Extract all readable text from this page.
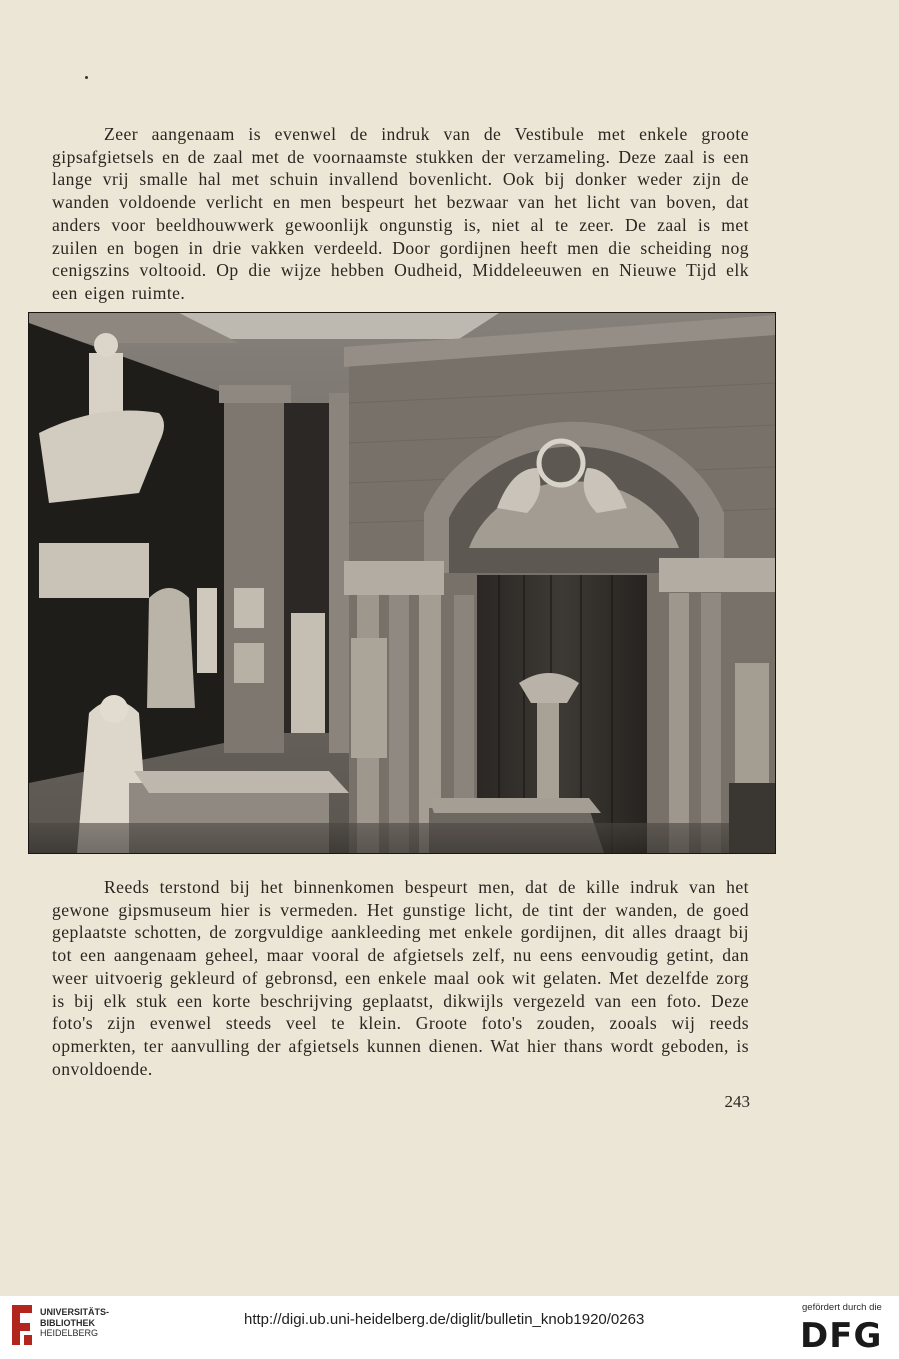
Zeer aangenaam is evenwel de indruk van de Vestibule met enkele groote gipsafgietsels en de zaal met de voornaamste stukken der verzameling. Deze zaal is een lange vrij smalle hal met schuin invallend bovenlicht. Ook bij donker weder zijn de wanden voldoende verlicht en men bespeurt het bezwaar van het licht van boven, dat anders voor beeldhouwwerk gewoonlijk ongunstig is, niet al te zeer. De zaal is met zuilen en bogen in drie vakken verdeeld. Door gordijnen heeft men die scheiding nog cenigszins voltooid. Op die wijze hebben Oudheid, Middeleeuwen en Nieuwe Tijd elk een eigen ruimte.

Reeds terstond bij het binnenkomen bespeurt men, dat de kille indruk van het gewone gipsmuseum hier is vermeden. Het gunstige licht, de tint der wanden, de goed geplaatste schotten, de zorgvuldige aankleeding met enkele gordijnen, dit alles draagt bij tot een aangenaam geheel, maar vooral de afgietsels zelf, nu eens eenvoudig getint, dan weer uitvoerig gekleurd of gebronsd, een enkele maal ook wit gelaten. Met dezelfde zorg is bij elk stuk een korte beschrijving geplaatst, dikwijls vergezeld van een foto. Deze foto's zijn evenwel steeds veel te klein. Groote foto's zouden, zooals wij reeds opmerkten, ter aanvulling der afgietsels kunnen dienen. Wat hier thans wordt geboden, is onvoldoende.

243
UNIVERSITÄTS-
BIBLIOTHEK
HEIDELBERG
http://digi.ub.uni-heidelberg.de/diglit/bulletin_knob1920/0263
gefördert durch die
DFG
